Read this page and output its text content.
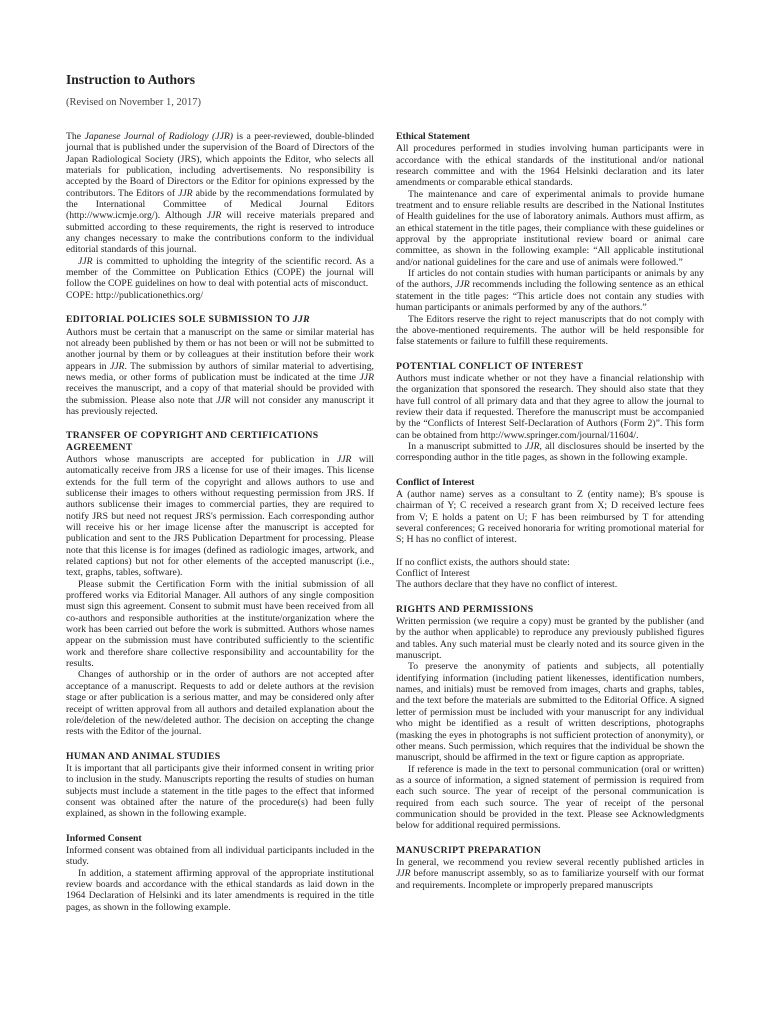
Instruction to Authors

(Revised on November 1, 2017)

The Japanese Journal of Radiology (JJR) is a peer-reviewed, double-blinded journal that is published under the supervision of the Board of Directors of the Japan Radiological Society (JRS), which appoints the Editor, who selects all materials for publication, including advertisements. No responsibility is accepted by the Board of Directors or the Editor for opinions expressed by the contributors. The Editors of JJR abide by the recommendations formulated by the International Committee of Medical Journal Editors (http://www.icmje.org/). Although JJR will receive materials prepared and submitted according to these requirements, the right is reserved to introduce any changes necessary to make the contributions conform to the individual editorial standards of this journal.

JJR is committed to upholding the integrity of the scientific record. As a member of the Committee on Publication Ethics (COPE) the journal will follow the COPE guidelines on how to deal with potential acts of misconduct.

COPE: http://publicationethics.org/

EDITORIAL POLICIES SOLE SUBMISSION TO JJR

Authors must be certain that a manuscript on the same or similar material has not already been published by them or has not been or will not be submitted to another journal by them or by colleagues at their institution before their work appears in JJR. The submission by authors of similar material to advertising, news media, or other forms of publication must be indicated at the time JJR receives the manuscript, and a copy of that material should be provided with the submission. Please also note that JJR will not consider any manuscript it has previously rejected.

TRANSFER OF COPYRIGHT AND CERTIFICATIONS AGREEMENT

Authors whose manuscripts are accepted for publication in JJR will automatically receive from JRS a license for use of their images. This license extends for the full term of the copyright and allows authors to use and sublicense their images to others without requesting permission from JRS. If authors sublicense their images to commercial parties, they are required to notify JRS but need not request JRS's permission. Each corresponding author will receive his or her image license after the manuscript is accepted for publication and sent to the JRS Publication Department for processing. Please note that this license is for images (defined as radiologic images, artwork, and related captions) but not for other elements of the accepted manuscript (i.e., text, graphs, tables, software).

Please submit the Certification Form with the initial submission of all proffered works via Editorial Manager. All authors of any single composition must sign this agreement. Consent to submit must have been received from all co-authors and responsible authorities at the institute/organization where the work has been carried out before the work is submitted. Authors whose names appear on the submission must have contributed sufficiently to the scientific work and therefore share collective responsibility and accountability for the results.

Changes of authorship or in the order of authors are not accepted after acceptance of a manuscript. Requests to add or delete authors at the revision stage or after publication is a serious matter, and may be considered only after receipt of written approval from all authors and detailed explanation about the role/deletion of the new/deleted author. The decision on accepting the change rests with the Editor of the journal.

HUMAN AND ANIMAL STUDIES

It is important that all participants give their informed consent in writing prior to inclusion in the study. Manuscripts reporting the results of studies on human subjects must include a statement in the title pages to the effect that informed consent was obtained after the nature of the procedure(s) had been fully explained, as shown in the following example.

Informed Consent

Informed consent was obtained from all individual participants included in the study.

In addition, a statement affirming approval of the appropriate institutional review boards and accordance with the ethical standards as laid down in the 1964 Declaration of Helsinki and its later amendments is required in the title pages, as shown in the following example.

Ethical Statement

All procedures performed in studies involving human participants were in accordance with the ethical standards of the institutional and/or national research committee and with the 1964 Helsinki declaration and its later amendments or comparable ethical standards.

The maintenance and care of experimental animals to provide humane treatment and to ensure reliable results are described in the National Institutes of Health guidelines for the use of laboratory animals. Authors must affirm, as an ethical statement in the title pages, their compliance with these guidelines or approval by the appropriate institutional review board or animal care committee, as shown in the following example: “All applicable institutional and/or national guidelines for the care and use of animals were followed.”

If articles do not contain studies with human participants or animals by any of the authors, JJR recommends including the following sentence as an ethical statement in the title pages: “This article does not contain any studies with human participants or animals performed by any of the authors.”

The Editors reserve the right to reject manuscripts that do not comply with the above-mentioned requirements. The author will be held responsible for false statements or failure to fulfill these requirements.

POTENTIAL CONFLICT OF INTEREST

Authors must indicate whether or not they have a financial relationship with the organization that sponsored the research. They should also state that they have full control of all primary data and that they agree to allow the journal to review their data if requested. Therefore the manuscript must be accompanied by the “Conflicts of Interest Self-Declaration of Authors (Form 2)”. This form can be obtained from http://www.springer.com/journal/11604/.

In a manuscript submitted to JJR, all disclosures should be inserted by the corresponding author in the title pages, as shown in the following example.

Conflict of Interest

A (author name) serves as a consultant to Z (entity name); B's spouse is chairman of Y; C received a research grant from X; D received lecture fees from V; E holds a patent on U; F has been reimbursed by T for attending several conferences; G received honoraria for writing promotional material for S; H has no conflict of interest.

If no conflict exists, the authors should state:

Conflict of Interest

The authors declare that they have no conflict of interest.

RIGHTS AND PERMISSIONS

Written permission (we require a copy) must be granted by the publisher (and by the author when applicable) to reproduce any previously published figures and tables. Any such material must be clearly noted and its source given in the manuscript.

To preserve the anonymity of patients and subjects, all potentially identifying information (including patient likenesses, identification numbers, names, and initials) must be removed from images, charts and graphs, tables, and the text before the materials are submitted to the Editorial Office. A signed letter of permission must be included with your manuscript for any individual who might be identified as a result of written descriptions, photographs (masking the eyes in photographs is not sufficient protection of anonymity), or other means. Such permission, which requires that the individual be shown the manuscript, should be affirmed in the text or figure caption as appropriate.

If reference is made in the text to personal communication (oral or written) as a source of information, a signed statement of permission is required from each such source. The year of receipt of the personal communication is required from each such source. The year of receipt of the personal communication should be provided in the text. Please see Acknowledgments below for additional required permissions.

MANUSCRIPT PREPARATION

In general, we recommend you review several recently published articles in JJR before manuscript assembly, so as to familiarize yourself with our format and requirements. Incomplete or improperly prepared manuscripts
